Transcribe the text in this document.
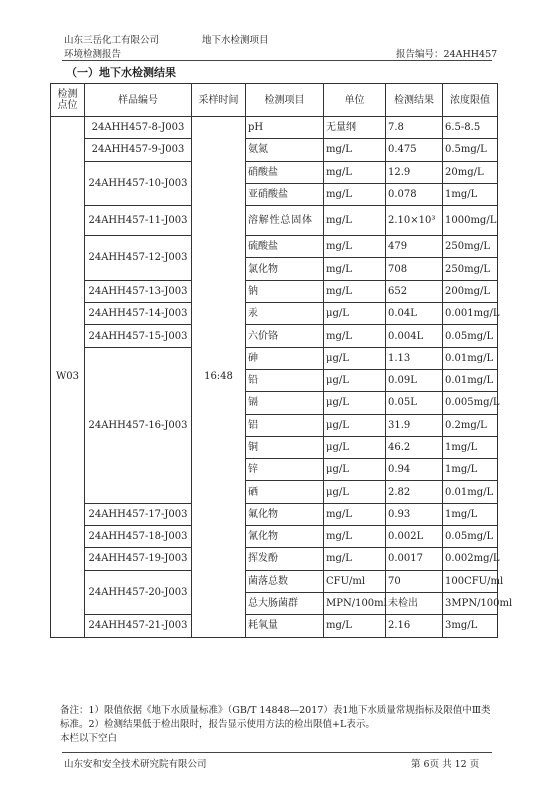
山东三岳化工有限公司	地下水检测项目
环境检测报告	报告编号：24AHH457
（一）地下水检测结果
检测点位	样品编号	采样时间	检测项目	单位	检测结果	浓度限值
W03	24AHH457-8-J003	16:48	pH	无量纲	7.8	6.5-8.5
	24AHH457-9-J003		氨氮	mg/L	0.475	0.5mg/L
	24AHH457-10-J003		硝酸盐	mg/L	12.9	20mg/L
			亚硝酸盐	mg/L	0.078	1mg/L
	24AHH457-11-J003		溶解性总固体	mg/L	2.10×10³	1000mg/L
	24AHH457-12-J003		硫酸盐	mg/L	479	250mg/L
			氯化物	mg/L	708	250mg/L
	24AHH457-13-J003		钠	mg/L	652	200mg/L
	24AHH457-14-J003		汞	μg/L	0.04L	0.001mg/L
	24AHH457-15-J003		六价铬	mg/L	0.004L	0.05mg/L
	24AHH457-16-J003		砷	μg/L	1.13	0.01mg/L
			铅	μg/L	0.09L	0.01mg/L
			镉	μg/L	0.05L	0.005mg/L
			铝	μg/L	31.9	0.2mg/L
			铜	μg/L	46.2	1mg/L
			锌	μg/L	0.94	1mg/L
			硒	μg/L	2.82	0.01mg/L
	24AHH457-17-J003		氟化物	mg/L	0.93	1mg/L
	24AHH457-18-J003		氰化物	mg/L	0.002L	0.05mg/L
	24AHH457-19-J003		挥发酚	mg/L	0.0017	0.002mg/L
	24AHH457-20-J003		菌落总数	CFU/ml	70	100CFU/ml
			总大肠菌群	MPN/100ml	未检出	3MPN/100ml
	24AHH457-21-J003		耗氧量	mg/L	2.16	3mg/L

备注：1）限值依据《地下水质量标准》（GB/T 14848—2017）表1地下水质量常规指标及限值中Ⅲ类标准。2）检测结果低于检出限时，报告显示使用方法的检出限值+L表示。

本栏以下空白

山东安和安全技术研究院有限公司	第 6页 共 12 页
